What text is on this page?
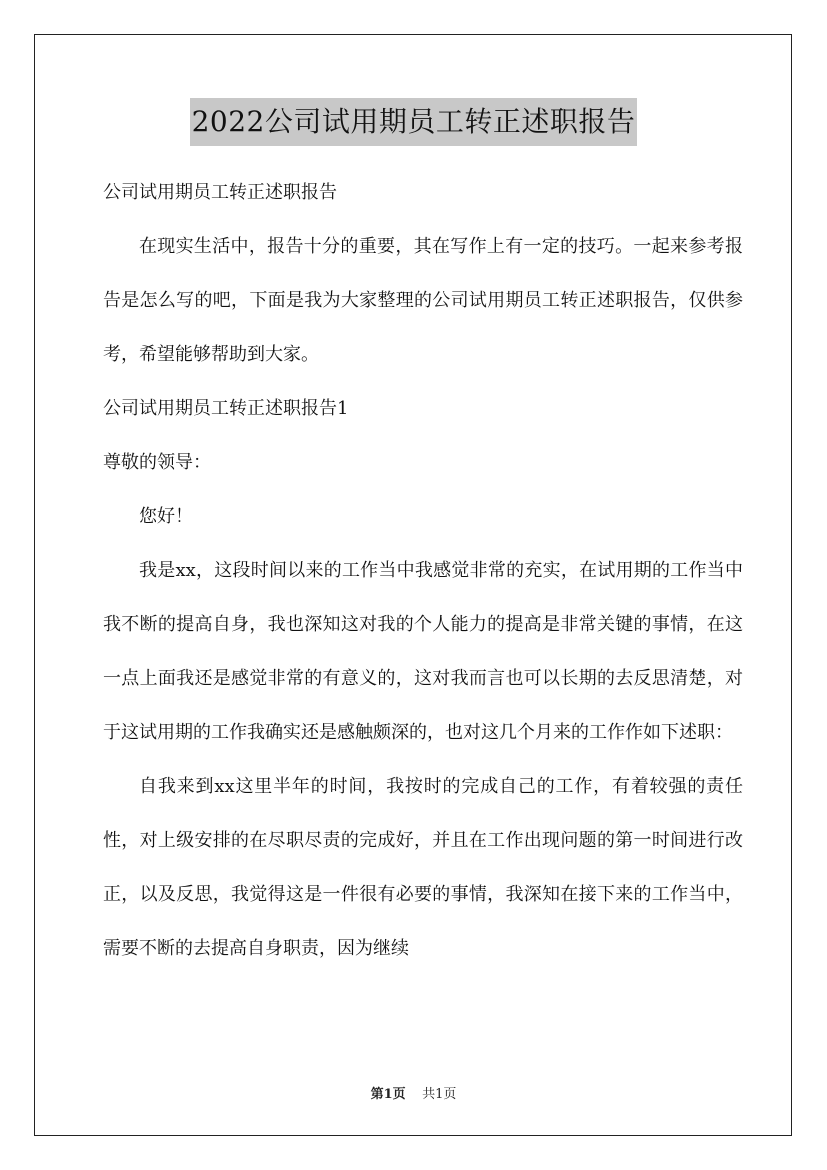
2022公司试用期员工转正述职报告
公司试用期员工转正述职报告

在现实生活中，报告十分的重要，其在写作上有一定的技巧。一起来参考报告是怎么写的吧，下面是我为大家整理的公司试用期员工转正述职报告，仅供参考，希望能够帮助到大家。

公司试用期员工转正述职报告1
尊敬的领导：

您好！

我是xx，这段时间以来的工作当中我感觉非常的充实，在试用期的工作当中我不断的提高自身，我也深知这对我的个人能力的提高是非常关键的事情，在这一点上面我还是感觉非常的有意义的，这对我而言也可以长期的去反思清楚，对于这试用期的工作我确实还是感触颇深的，也对这几个月来的工作作如下述职：

自我来到xx这里半年的时间，我按时的完成自己的工作，有着较强的责任性，对上级安排的在尽职尽责的完成好，并且在工作出现问题的第一时间进行改正，以及反思，我觉得这是一件很有必要的事情，我深知在接下来的工作当中，需要不断的去提高自身职责，因为继续

第1页 共1页
